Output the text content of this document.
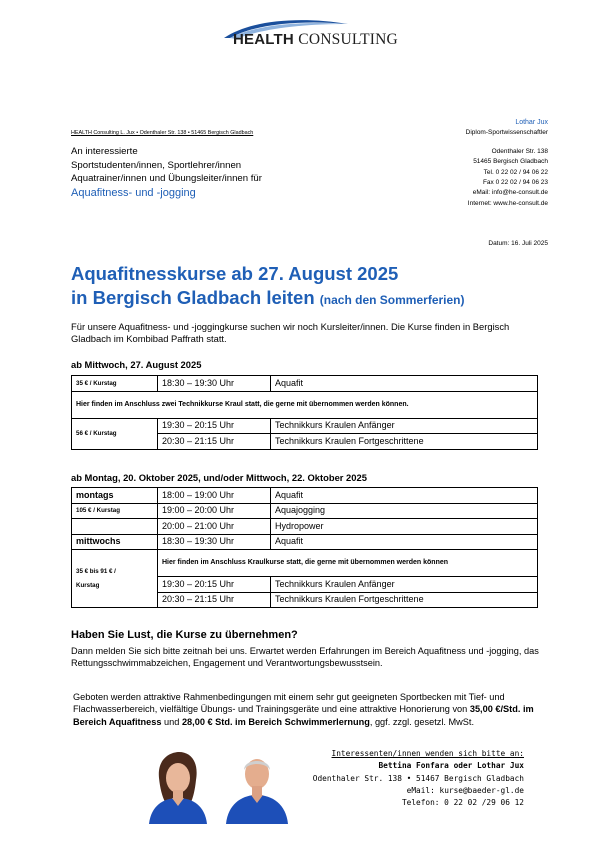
HEALTH CONSULTING
HEALTH Consulting L. Jux • Odenthaler Str. 138 • 51465 Bergisch Gladbach
An interessierte
Sportstudenten/innen, Sportlehrer/innen
Aquatrainer/innen und Übungsleiter/innen für
Aquafitness- und -jogging
Lothar Jux
Diplom-Sportwissenschaftler
Odenthaler Str. 138
51465 Bergisch Gladbach
Tel. 0 22 02 / 94 06 22
Fax 0 22 02 / 94 06 23
eMail: info@he-consult.de
Internet: www.he-consult.de
Datum: 16. Juli 2025
Aquafitnesskurse ab 27. August 2025
in Bergisch Gladbach leiten (nach den Sommerferien)
Für unsere Aquafitness- und -joggingkurse suchen wir noch Kursleiter/innen. Die Kurse finden in Bergisch Gladbach im Kombibad Paffrath statt.
ab Mittwoch, 27. August 2025
35 € / Kurstag	18:30 – 19:30 Uhr	Aquafit
Hier finden im Anschluss zwei Technikkurse Kraul statt, die gerne mit übernommen werden können.		
56 € / Kurstag	19:30 – 20:15 Uhr	Technikkurs Kraulen Anfänger
	20:30 – 21:15 Uhr	Technikkurs Kraulen Fortgeschrittene
ab Montag, 20. Oktober 2025, und/oder Mittwoch, 22. Oktober 2025
montags	18:00 – 19:00 Uhr	Aquafit
105 € / Kurstag	19:00 – 20:00 Uhr	Aquajogging
	20:00 – 21:00 Uhr	Hydropower
mittwochs	18:30 – 19:30 Uhr	Aquafit

35 € bis 91 € /
Kurstag	Hier finden im Anschluss Kraulkurse statt, die gerne mit übernommen werden können	
	19:30 – 20:15 Uhr	Technikkurs Kraulen Anfänger
	20:30 – 21:15 Uhr	Technikkurs Kraulen Fortgeschrittene
Haben Sie Lust, die Kurse zu übernehmen?
Dann melden Sie sich bitte zeitnah bei uns. Erwartet werden Erfahrungen im Bereich Aquafitness und -jogging, das Rettungsschwimmabzeichen, Engagement und Verantwortungsbewusstsein.
Geboten werden attraktive Rahmenbedingungen mit einem sehr gut geeigneten Sportbecken mit Tief- und Flachwasserbereich, vielfältige Übungs- und Trainingsgeräte und eine attraktive Honorierung von 35,00 €/Std. im Bereich Aquafitness und 28,00 € Std. im Bereich Schwimmerlernung, ggf. zzgl. gesetzl. MwSt.
Interessenten/innen wenden sich bitte an:
Bettina Fonfara oder Lothar Jux
Odenthaler Str. 138 • 51467 Bergisch Gladbach
eMail: kurse@baeder-gl.de
Telefon: 0 22 02 /29 06 12
